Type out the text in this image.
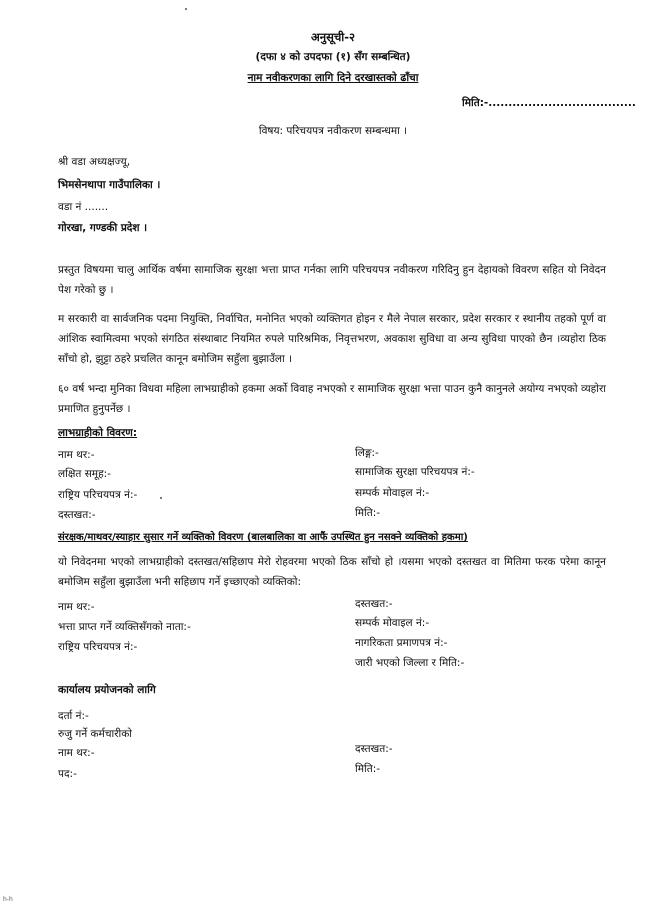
अनुसूची-२
(दफा ४ को उपदफा (१) सँग सम्बन्धित)
नाम नवीकरणका लागि दिने दरखास्तको ढाँचा
मिति:-.....................................
विषय: परिचयपत्र नवीकरण सम्बन्धमा ।
श्री वडा अध्यक्षज्यू,
भिमसेनथापा गाउँपालिका ।
वडा नं .......
गोरखा, गण्डकी प्रदेश ।
प्रस्तुत विषयमा चालु आर्थिक वर्षमा सामाजिक सुरक्षा भत्ता प्राप्त गर्नका लागि परिचयपत्र नवीकरण गरिदिनु हुन देहायको विवरण सहित यो निवेदन पेश गरेको छु ।
म सरकारी वा सार्वजनिक पदमा नियुक्ति, निर्वाचित, मनोनित भएको व्यक्तिगत होइन र मैले नेपाल सरकार, प्रदेश सरकार र स्थानीय तहको पूर्ण वा आंशिक स्वामित्वमा भएको संगठित संस्थाबाट नियमित रुपले पारिश्रमिक, निवृत्तभरण, अवकाश सुविधा वा अन्य सुविधा पाएको छैन ।व्यहोरा ठिक साँचो हो, झुट्टा ठहरे प्रचलित कानून बमोजिम सहुँला बुझाउँला ।
६० वर्ष भन्दा मुनिका विधवा महिला लाभग्राहीको हकमा अर्को विवाह नभएको र सामाजिक सुरक्षा भत्ता पाउन कुनै कानुनले अयोग्य नभएको व्यहोरा प्रमाणित हुनुपर्नेछ ।
लाभग्राहीको विवरण:
नाम थर:-	लिङ्ग:-
लक्षित समूह:-	सामाजिक सुरक्षा परिचयपत्र नं:-
राष्ट्रिय परिचयपत्र नं:-	सम्पर्क मोवाइल नं:-
दस्तखत:-	मिति:-
संरक्षक/माथवर/स्याहार सुसार गर्ने व्यक्तिको विवरण (बालबालिका वा आफैं उपस्थित हुन नसक्ने व्यक्तिको हकमा)
यो निवेदनमा भएको लाभग्राहीको दस्तखत/सहिछाप मेरो रोहवरमा भएको ठिक साँचो हो ।यसमा भएको दस्तखत वा मितिमा फरक परेमा कानून बमोजिम सहुँला बुझाउँला भनी सहिछाप गर्ने इच्छाएको व्यक्तिको:
नाम थर:-	दस्तखत:-
भत्ता प्राप्त गर्ने व्यक्तिसँगको नाता:-	सम्पर्क मोवाइल नं:-
राष्ट्रिय परिचयपत्र नं:-	नागरिकता प्रमाणपत्र नं:-
जारी भएको जिल्ला र मिति:-
कार्यालय प्रयोजनको लागि
दर्ता नं:-
रुजु गर्ने कर्मचारीको
नाम थर:-	दस्तखत:-
पद:-	मिति:-
h-h
